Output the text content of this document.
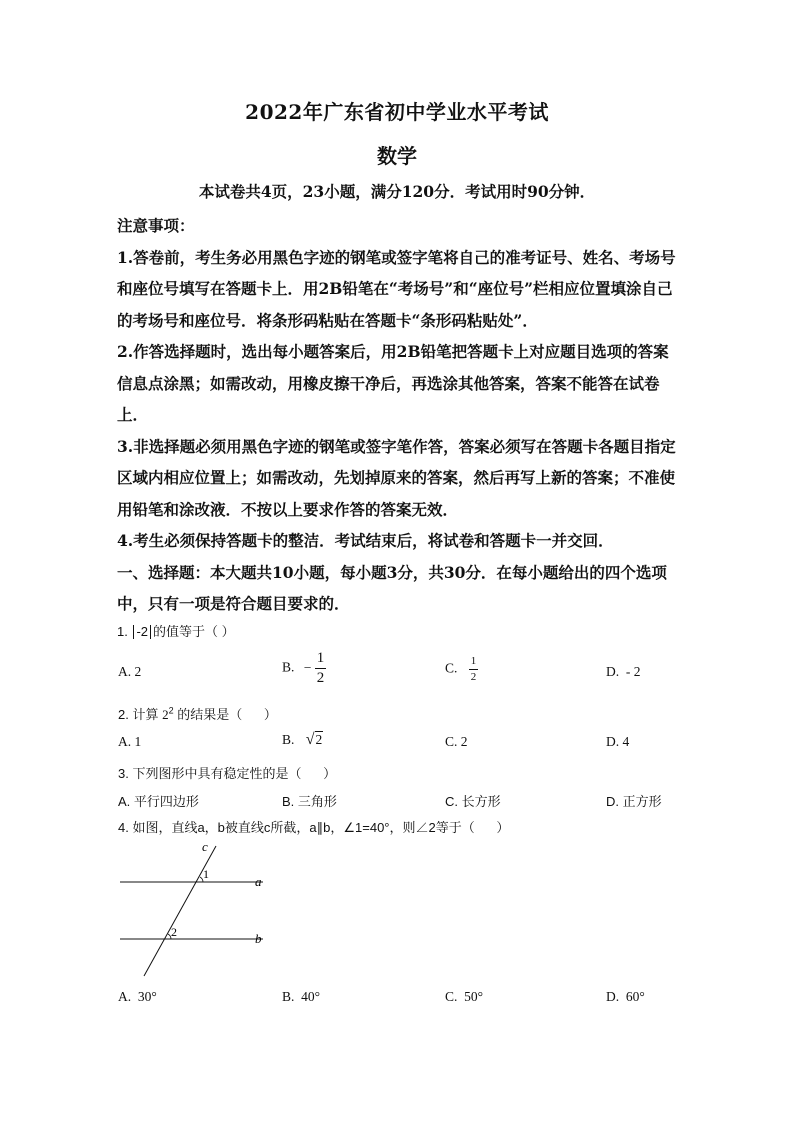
2022年广东省初中学业水平考试
数学
本试卷共4页，23小题，满分120分．考试用时90分钟．

注意事项：

1.答卷前，考生务必用黑色字迹的钢笔或签字笔将自己的准考证号、姓名、考场号和座位号填写在答题卡上．用2B铅笔在“考场号”和“座位号”栏相应位置填涂自己的考场号和座位号．将条形码粘贴在答题卡“条形码粘贴处”．

2.作答选择题时，选出每小题答案后，用2B铅笔把答题卡上对应题目选项的答案信息点涂黑；如需改动，用橡皮擦干净后，再选涂其他答案，答案不能答在试卷上．

3.非选择题必须用黑色字迹的钢笔或签字笔作答，答案必须写在答题卡各题目指定区域内相应位置上；如需改动，先划掉原来的答案，然后再写上新的答案；不准使用铅笔和涂改液．不按以上要求作答的答案无效．

4.考生必须保持答题卡的整洁．考试结束后，将试卷和答题卡一并交回．

一、选择题：本大题共10小题，每小题3分，共30分．在每小题给出的四个选项中，只有一项是符合题目要求的．

1. -2 的值等于（ ）
A. 2	B. − $\frac{1}{2}$	C. $\frac{1}{2}$	D.  - 2
2. 计算 $2^2$ 的结果是（      ）
A. 1	B. √2	C. 2	D. 4
3. 下列图形中具有稳定性的是（      ）
A. 平行四边形	B. 三角形	C. 长方形	D. 正方形
4. 如图，直线a，b被直线c所截，a∥b，∠1=40°，则∠2等于（      ）
c
a
b
1
2
A.  30°	B.  40°	C.  50°	D.  60°
